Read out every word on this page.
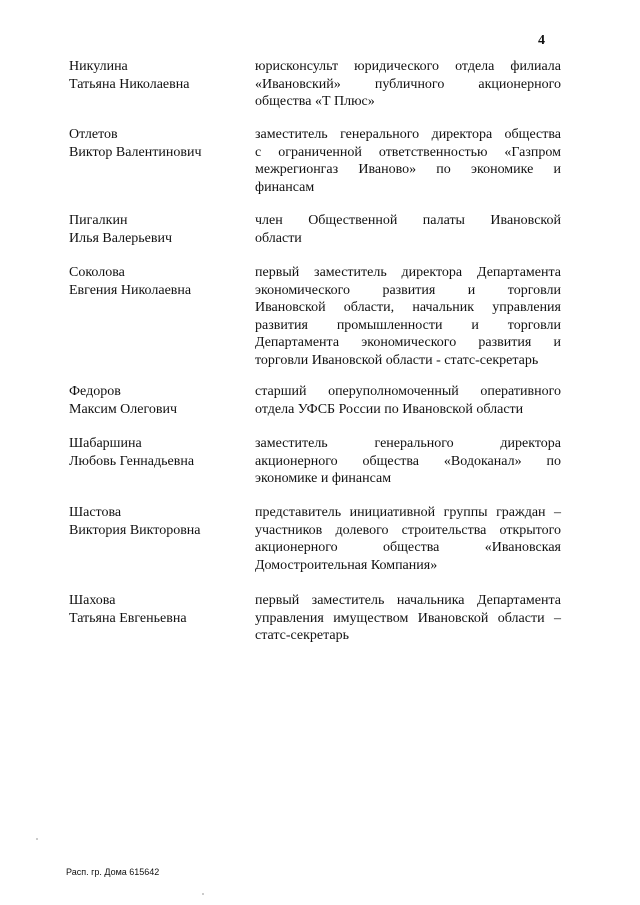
4
Никулина
Татьяна Николаевна
юрисконсульт юридического отдела филиала
«Ивановский» публичного акционерного
общества «Т Плюс»
Отлетов
Виктор Валентинович
заместитель генерального директора общества
с ограниченной ответственностью «Газпром
межрегионгаз Иваново» по экономике и
финансам
Пигалкин
Илья Валерьевич
член Общественной палаты Ивановской
области
Соколова
Евгения Николаевна
первый заместитель директора Департамента
экономического развития и торговли
Ивановской области, начальник управления
развития промышленности и торговли
Департамента экономического развития и
торговли Ивановской области - статс-секретарь
Федоров
Максим Олегович
старший оперуполномоченный оперативного
отдела УФСБ России по Ивановской области
Шабаршина
Любовь Геннадьевна
заместитель генерального директора
акционерного общества «Водоканал» по
экономике и финансам
Шастова
Виктория Викторовна
представитель инициативной группы граждан –
участников долевого строительства открытого
акционерного общества «Ивановская
Домостроительная Компания»
Шахова
Татьяна Евгеньевна
первый заместитель начальника Департамента
управления имуществом Ивановской области –
статс-секретарь
Расп. гр. Дома 615642
